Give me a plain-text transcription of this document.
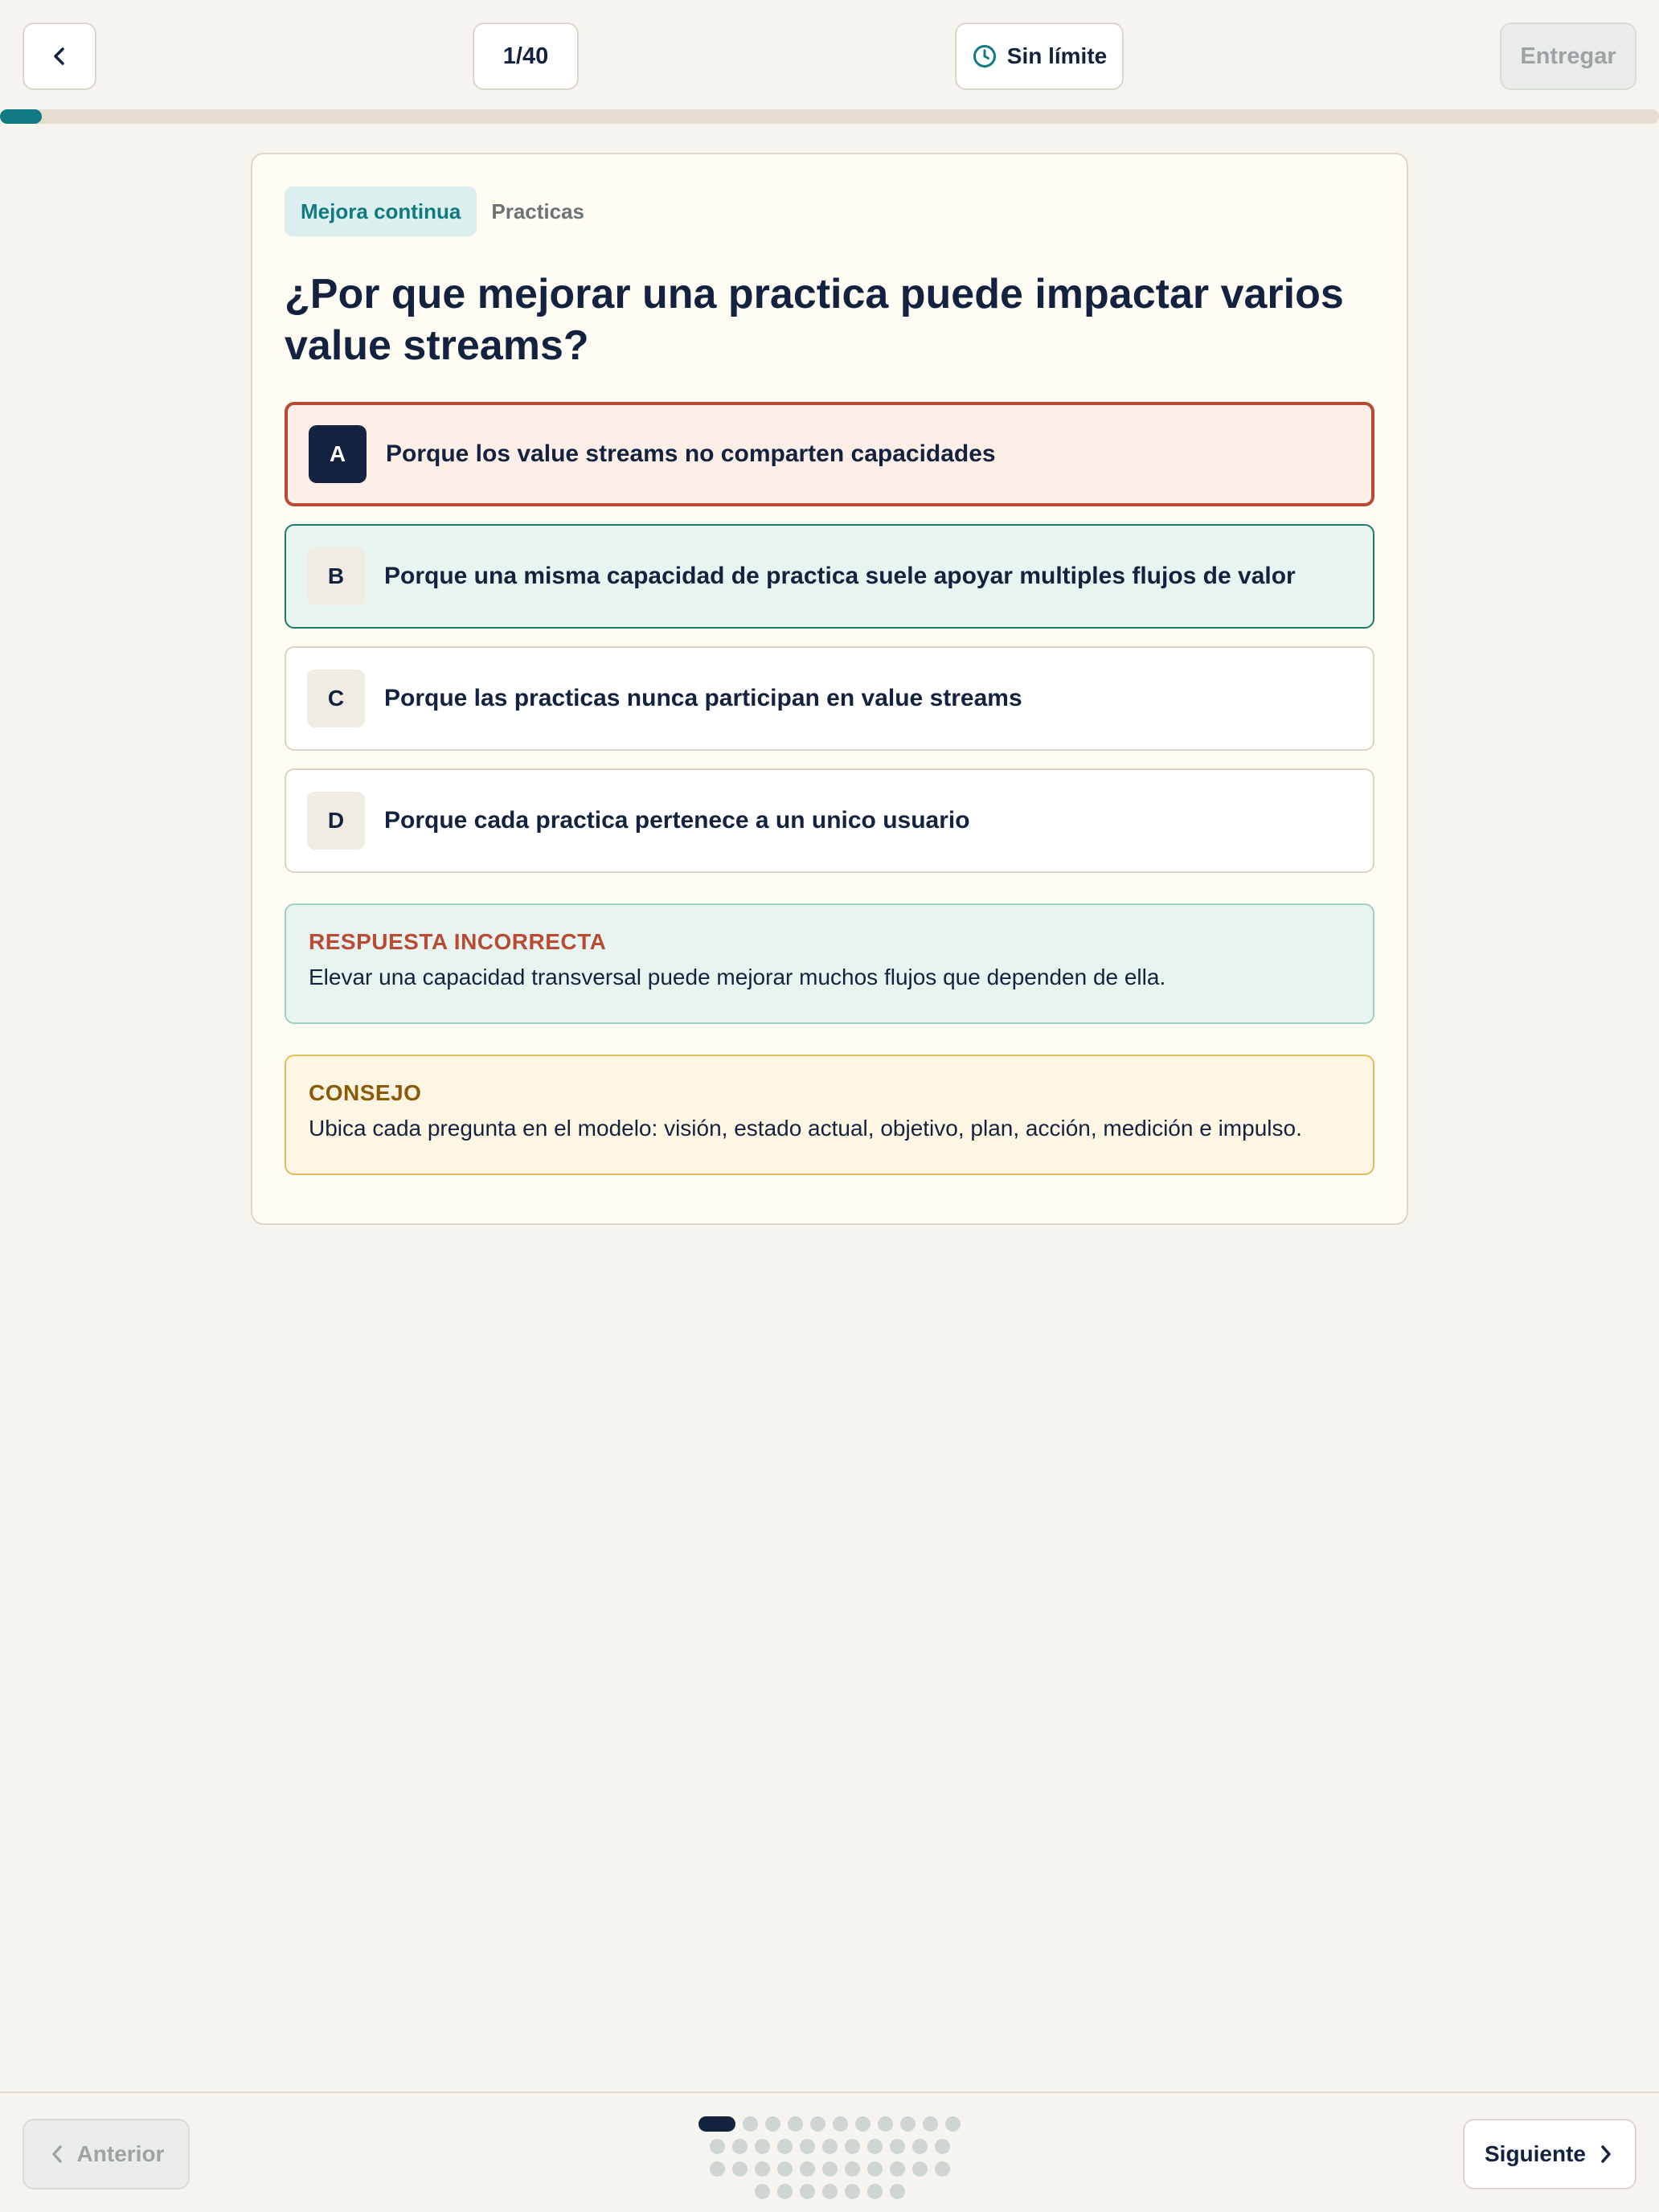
1/40	Sin límite	Entregar
Mejora continua	Practicas
¿Por que mejorar una practica puede impactar varios value streams?
A	Porque los value streams no comparten capacidades
B	Porque una misma capacidad de practica suele apoyar multiples flujos de valor
C	Porque las practicas nunca participan en value streams
D	Porque cada practica pertenece a un unico usuario
RESPUESTA INCORRECTA
Elevar una capacidad transversal puede mejorar muchos flujos que dependen de ella.
CONSEJO
Ubica cada pregunta en el modelo: visión, estado actual, objetivo, plan, acción, medición e impulso.
Anterior	Siguiente
